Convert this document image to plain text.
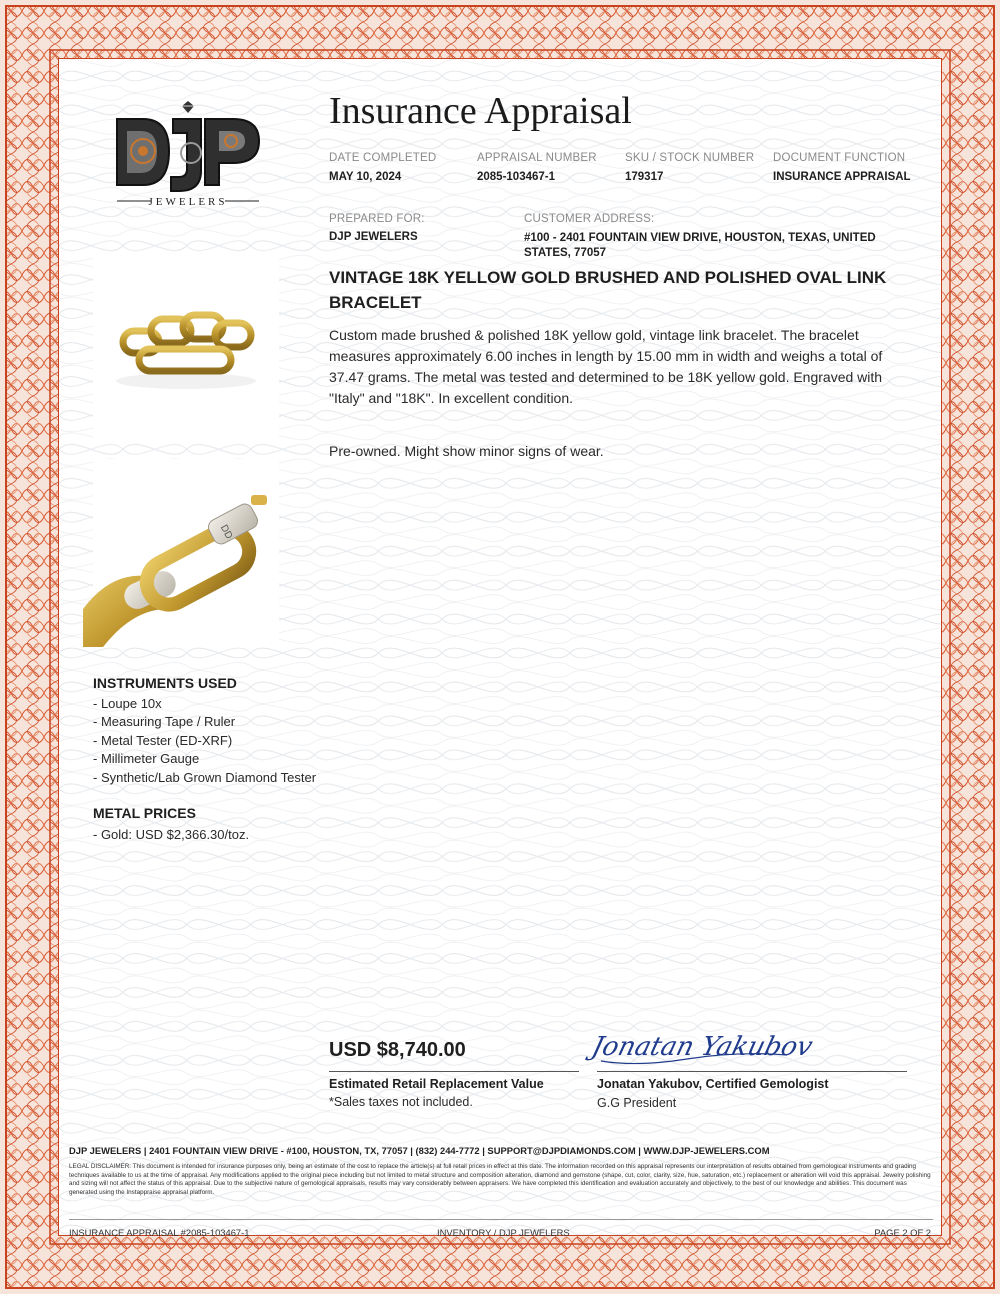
JEWELERS
Insurance Appraisal
DATE COMPLETED
MAY 10, 2024
APPRAISAL NUMBER
2085-103467-1
SKU / STOCK NUMBER
179317
DOCUMENT FUNCTION
INSURANCE APPRAISAL
PREPARED FOR:
DJP JEWELERS
CUSTOMER ADDRESS:
#100 - 2401 FOUNTAIN VIEW DRIVE, HOUSTON, TEXAS, UNITED STATES, 77057
VINTAGE 18K YELLOW GOLD BRUSHED AND POLISHED OVAL LINK BRACELET
Custom made brushed & polished 18K yellow gold, vintage link bracelet. The bracelet measures approximately 6.00 inches in length by 15.00 mm in width and weighs a total of 37.47 grams. The metal was tested and determined to be 18K yellow gold. Engraved with "Italy" and "18K". In excellent condition.
Pre-owned. Might show minor signs of wear.
DD
INSTRUMENTS USED
- Loupe 10x
- Measuring Tape / Ruler
- Metal Tester (ED-XRF)
- Millimeter Gauge
- Synthetic/Lab Grown Diamond Tester
METAL PRICES
- Gold: USD $2,366.30/toz.
USD $8,740.00
Estimated Retail Replacement Value
*Sales taxes not included.
Jonatan Yakubov
Jonatan Yakubov, Certified Gemologist
G.G President
DJP JEWELERS | 2401 FOUNTAIN VIEW DRIVE - #100, HOUSTON, TX, 77057 | (832) 244-7772 | SUPPORT@DJPDIAMONDS.COM | WWW.DJP-JEWELERS.COM
LEGAL DISCLAIMER: This document is intended for insurance purposes only, being an estimate of the cost to replace the article(s) at full retail prices in effect at this date. The information recorded on this appraisal represents our interpretation of results obtained from gemological instruments and grading techniques available to us at the time of appraisal. Any modifications applied to the original piece including but not limited to metal structure and composition alteration, diamond and gemstone (shape, cut, color, clarity, size, hue, saturation, etc.) replacement or alteration will void this appraisal. Jewelry polishing and sizing will not affect the status of this appraisal. Due to the subjective nature of gemological appraisals, results may vary considerably between appraisers. We have completed this identification and evaluation accurately and objectively, to the best of our knowledge and abilities. This document was generated using the Instappraise appraisal platform.
INSURANCE APPRAISAL #2085-103467-1	INVENTORY / DJP JEWELERS	PAGE 2 OF 2
